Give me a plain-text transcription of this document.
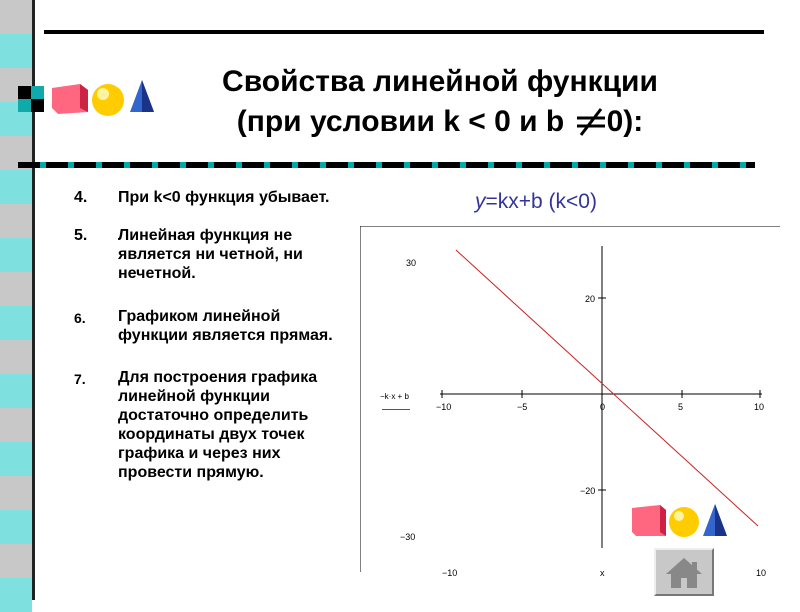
Свойства линейной функции
(при условии k < 0 и b
0):
4. При k<0 функция убывает.
5. Линейная функция не
является ни четной, ни
нечетной.
6. Графиком линейной
функции является прямая.
7. Для построения графика
линейной функции
достаточно определить
координаты двух точек
графика и через них
провести прямую.
y=kx+b (k<0)
−10	−5	0	5	10
20
−20
30
−30
−10	x	10
−k·x + b
